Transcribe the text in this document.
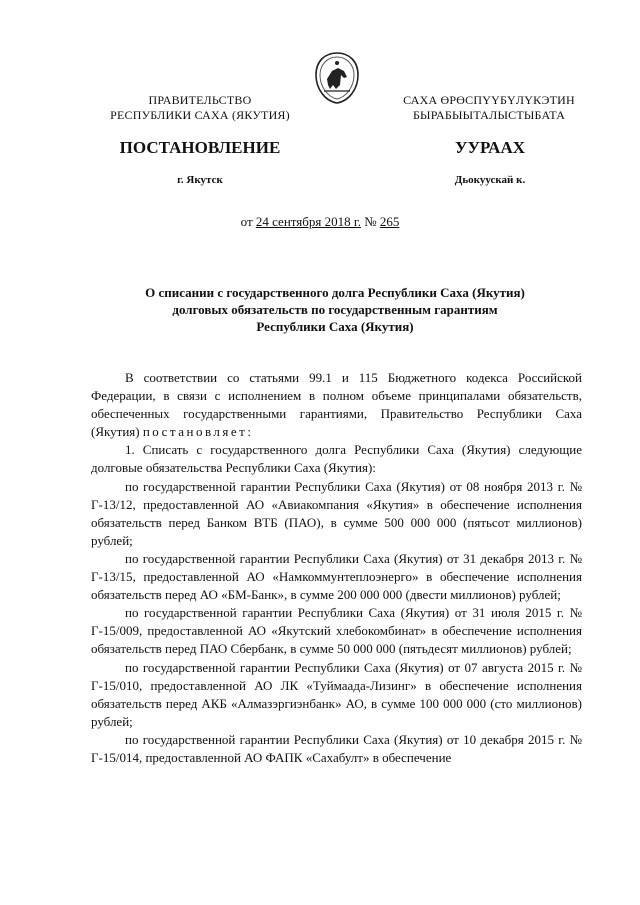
ПРАВИТЕЛЬСТВО
РЕСПУБЛИКИ САХА (ЯКУТИЯ)
САХА ӨРӨСПҮҮБҮЛҮКЭТИН
БЫРАБЫЫТАЛЫСТЫБАТА
ПОСТАНОВЛЕНИЕ	УУРААХ
г. Якутск	Дьокуускай к.
от 24 сентября 2018 г. № 265
О списании с государственного долга Республики Саха (Якутия)
долговых обязательств по государственным гарантиям
Республики Саха (Якутия)

В соответствии со статьями 99.1 и 115 Бюджетного кодекса Российской Федерации, в связи с исполнением в полном объеме принципалами обязательств, обеспеченных государственными гарантиями, Правительство Республики Саха (Якутия) постановляет:

1. Списать с государственного долга Республики Саха (Якутия) следующие долговые обязательства Республики Саха (Якутия):

по государственной гарантии Республики Саха (Якутия) от 08 ноября 2013 г. № Г-13/12, предоставленной АО «Авиакомпания «Якутия» в обеспечение исполнения обязательств перед Банком ВТБ (ПАО), в сумме 500 000 000 (пятьсот миллионов) рублей;

по государственной гарантии Республики Саха (Якутия) от 31 декабря 2013 г. № Г-13/15, предоставленной АО «Намкоммунтеплоэнерго» в обеспечение исполнения обязательств перед АО «БМ-Банк», в сумме 200 000 000 (двести миллионов) рублей;

по государственной гарантии Республики Саха (Якутия) от 31 июля 2015 г. № Г-15/009, предоставленной АО «Якутский хлебокомбинат» в обеспечение исполнения обязательств перед ПАО Сбербанк, в сумме 50 000 000 (пятьдесят миллионов) рублей;

по государственной гарантии Республики Саха (Якутия) от 07 августа 2015 г. № Г-15/010, предоставленной АО ЛК «Туймаада-Лизинг» в обеспечение исполнения обязательств перед АКБ «Алмазэргиэнбанк» АО, в сумме 100 000 000 (сто миллионов) рублей;

по государственной гарантии Республики Саха (Якутия) от 10 декабря 2015 г. № Г-15/014, предоставленной АО ФАПК «Сахабулт» в обеспечение
